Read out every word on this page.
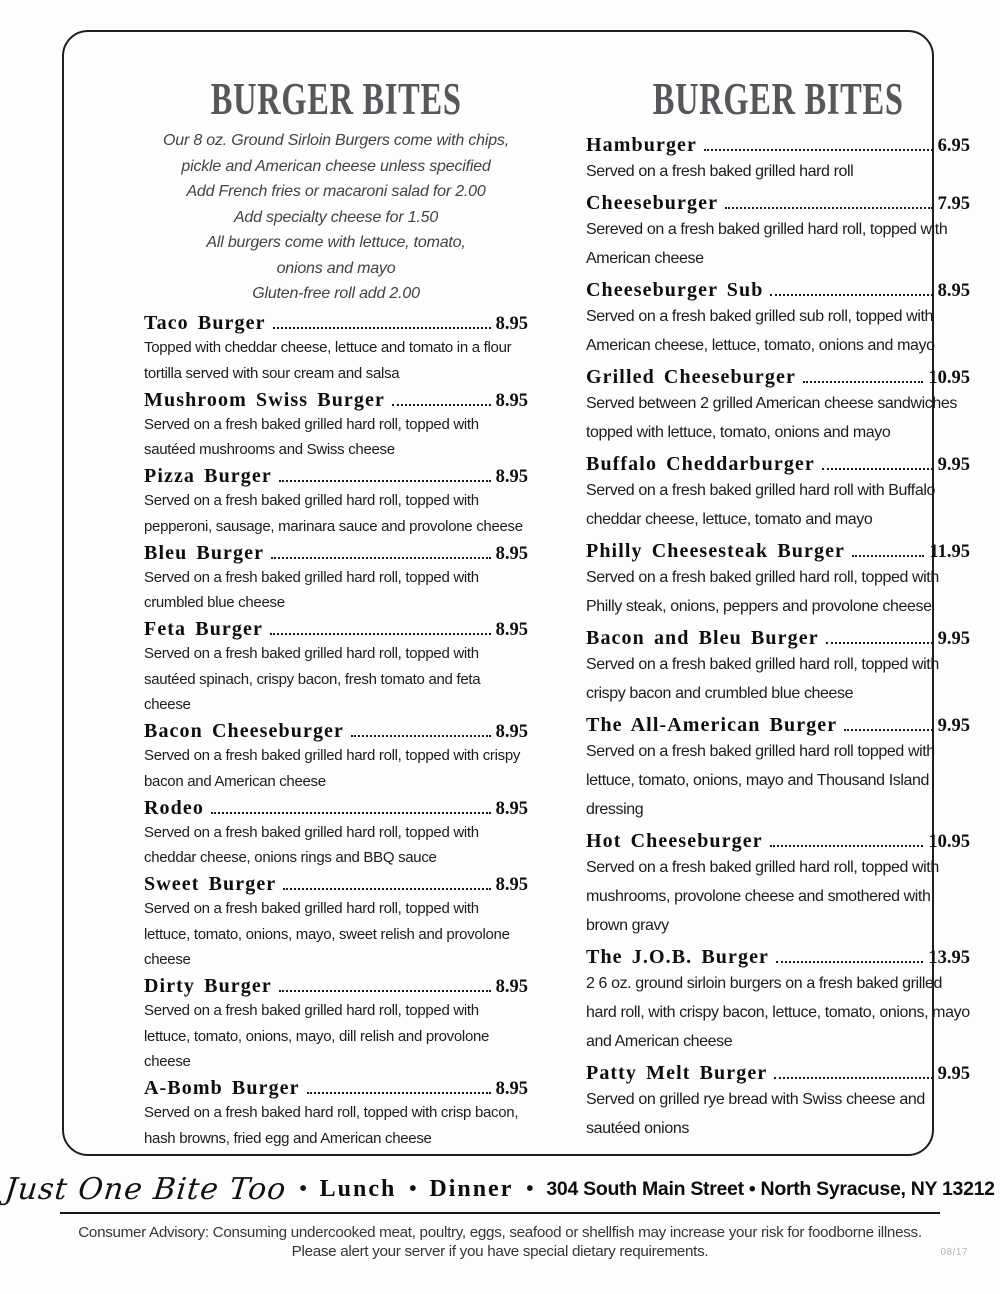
BURGER BITES
Our 8 oz. Ground Sirloin Burgers come with chips,
pickle and American cheese unless specified
Add French fries or macaroni salad for 2.00
Add specialty cheese for 1.50
All burgers come with lettuce, tomato,
onions and mayo
Gluten-free roll add 2.00
Taco Burger	8.95
Topped with cheddar cheese, lettuce and tomato in a flour tortilla served with sour cream and salsa
Mushroom Swiss Burger	8.95
Served on a fresh baked grilled hard roll, topped with sautéed mushrooms and Swiss cheese
Pizza Burger	8.95
Served on a fresh baked grilled hard roll, topped with pepperoni, sausage, marinara sauce and provolone cheese
Bleu Burger	8.95
Served on a fresh baked grilled hard roll, topped with crumbled blue cheese
Feta Burger	8.95
Served on a fresh baked grilled hard roll, topped with sautéed spinach, crispy bacon, fresh tomato and feta cheese
Bacon Cheeseburger	8.95
Served on a fresh baked grilled hard roll, topped with crispy bacon and American cheese
Rodeo	8.95
Served on a fresh baked grilled hard roll, topped with cheddar cheese, onions rings and BBQ sauce
Sweet Burger	8.95
Served on a fresh baked grilled hard roll, topped with lettuce, tomato, onions, mayo, sweet relish and provolone cheese
Dirty Burger	8.95
Served on a fresh baked grilled hard roll, topped with lettuce, tomato, onions, mayo, dill relish and provolone cheese
A-Bomb Burger	8.95
Served on a fresh baked hard roll, topped with crisp bacon, hash browns, fried egg and American cheese
BURGER BITES
Hamburger	6.95
Served on a fresh baked grilled hard roll
Cheeseburger	7.95
Sereved on a fresh baked grilled hard roll, topped with American cheese
Cheeseburger Sub	8.95
Served on a fresh baked grilled sub roll, topped with American cheese, lettuce, tomato, onions and mayo
Grilled Cheeseburger	10.95
Served between 2 grilled American cheese sandwiches topped with lettuce, tomato, onions and mayo
Buffalo Cheddarburger	9.95
Served on a fresh baked grilled hard roll with Buffalo cheddar cheese, lettuce, tomato and mayo
Philly Cheesesteak Burger	11.95
Served on a fresh baked grilled hard roll, topped with Philly steak, onions, peppers and provolone cheese
Bacon and Bleu Burger	9.95
Served on a fresh baked grilled hard roll, topped with crispy bacon and crumbled blue cheese
The All-American Burger	9.95
Served on a fresh baked grilled hard roll topped with lettuce, tomato, onions, mayo and Thousand Island dressing
Hot Cheeseburger	10.95
Served on a fresh baked grilled hard roll, topped with mushrooms, provolone cheese and smothered with brown gravy
The J.O.B. Burger	13.95
2 6 oz. ground sirloin burgers on a fresh baked grilled hard roll, with crispy bacon, lettuce, tomato, onions, mayo and American cheese
Patty Melt Burger	9.95
Served on grilled rye bread with Swiss cheese and sautéed onions
Just One Bite Too • Lunch • Dinner • 304 South Main Street • North Syracuse, NY 13212
Consumer Advisory: Consuming undercooked meat, poultry, eggs, seafood or shellfish may increase your risk for foodborne illness.
Please alert your server if you have special dietary requirements.	08/17
